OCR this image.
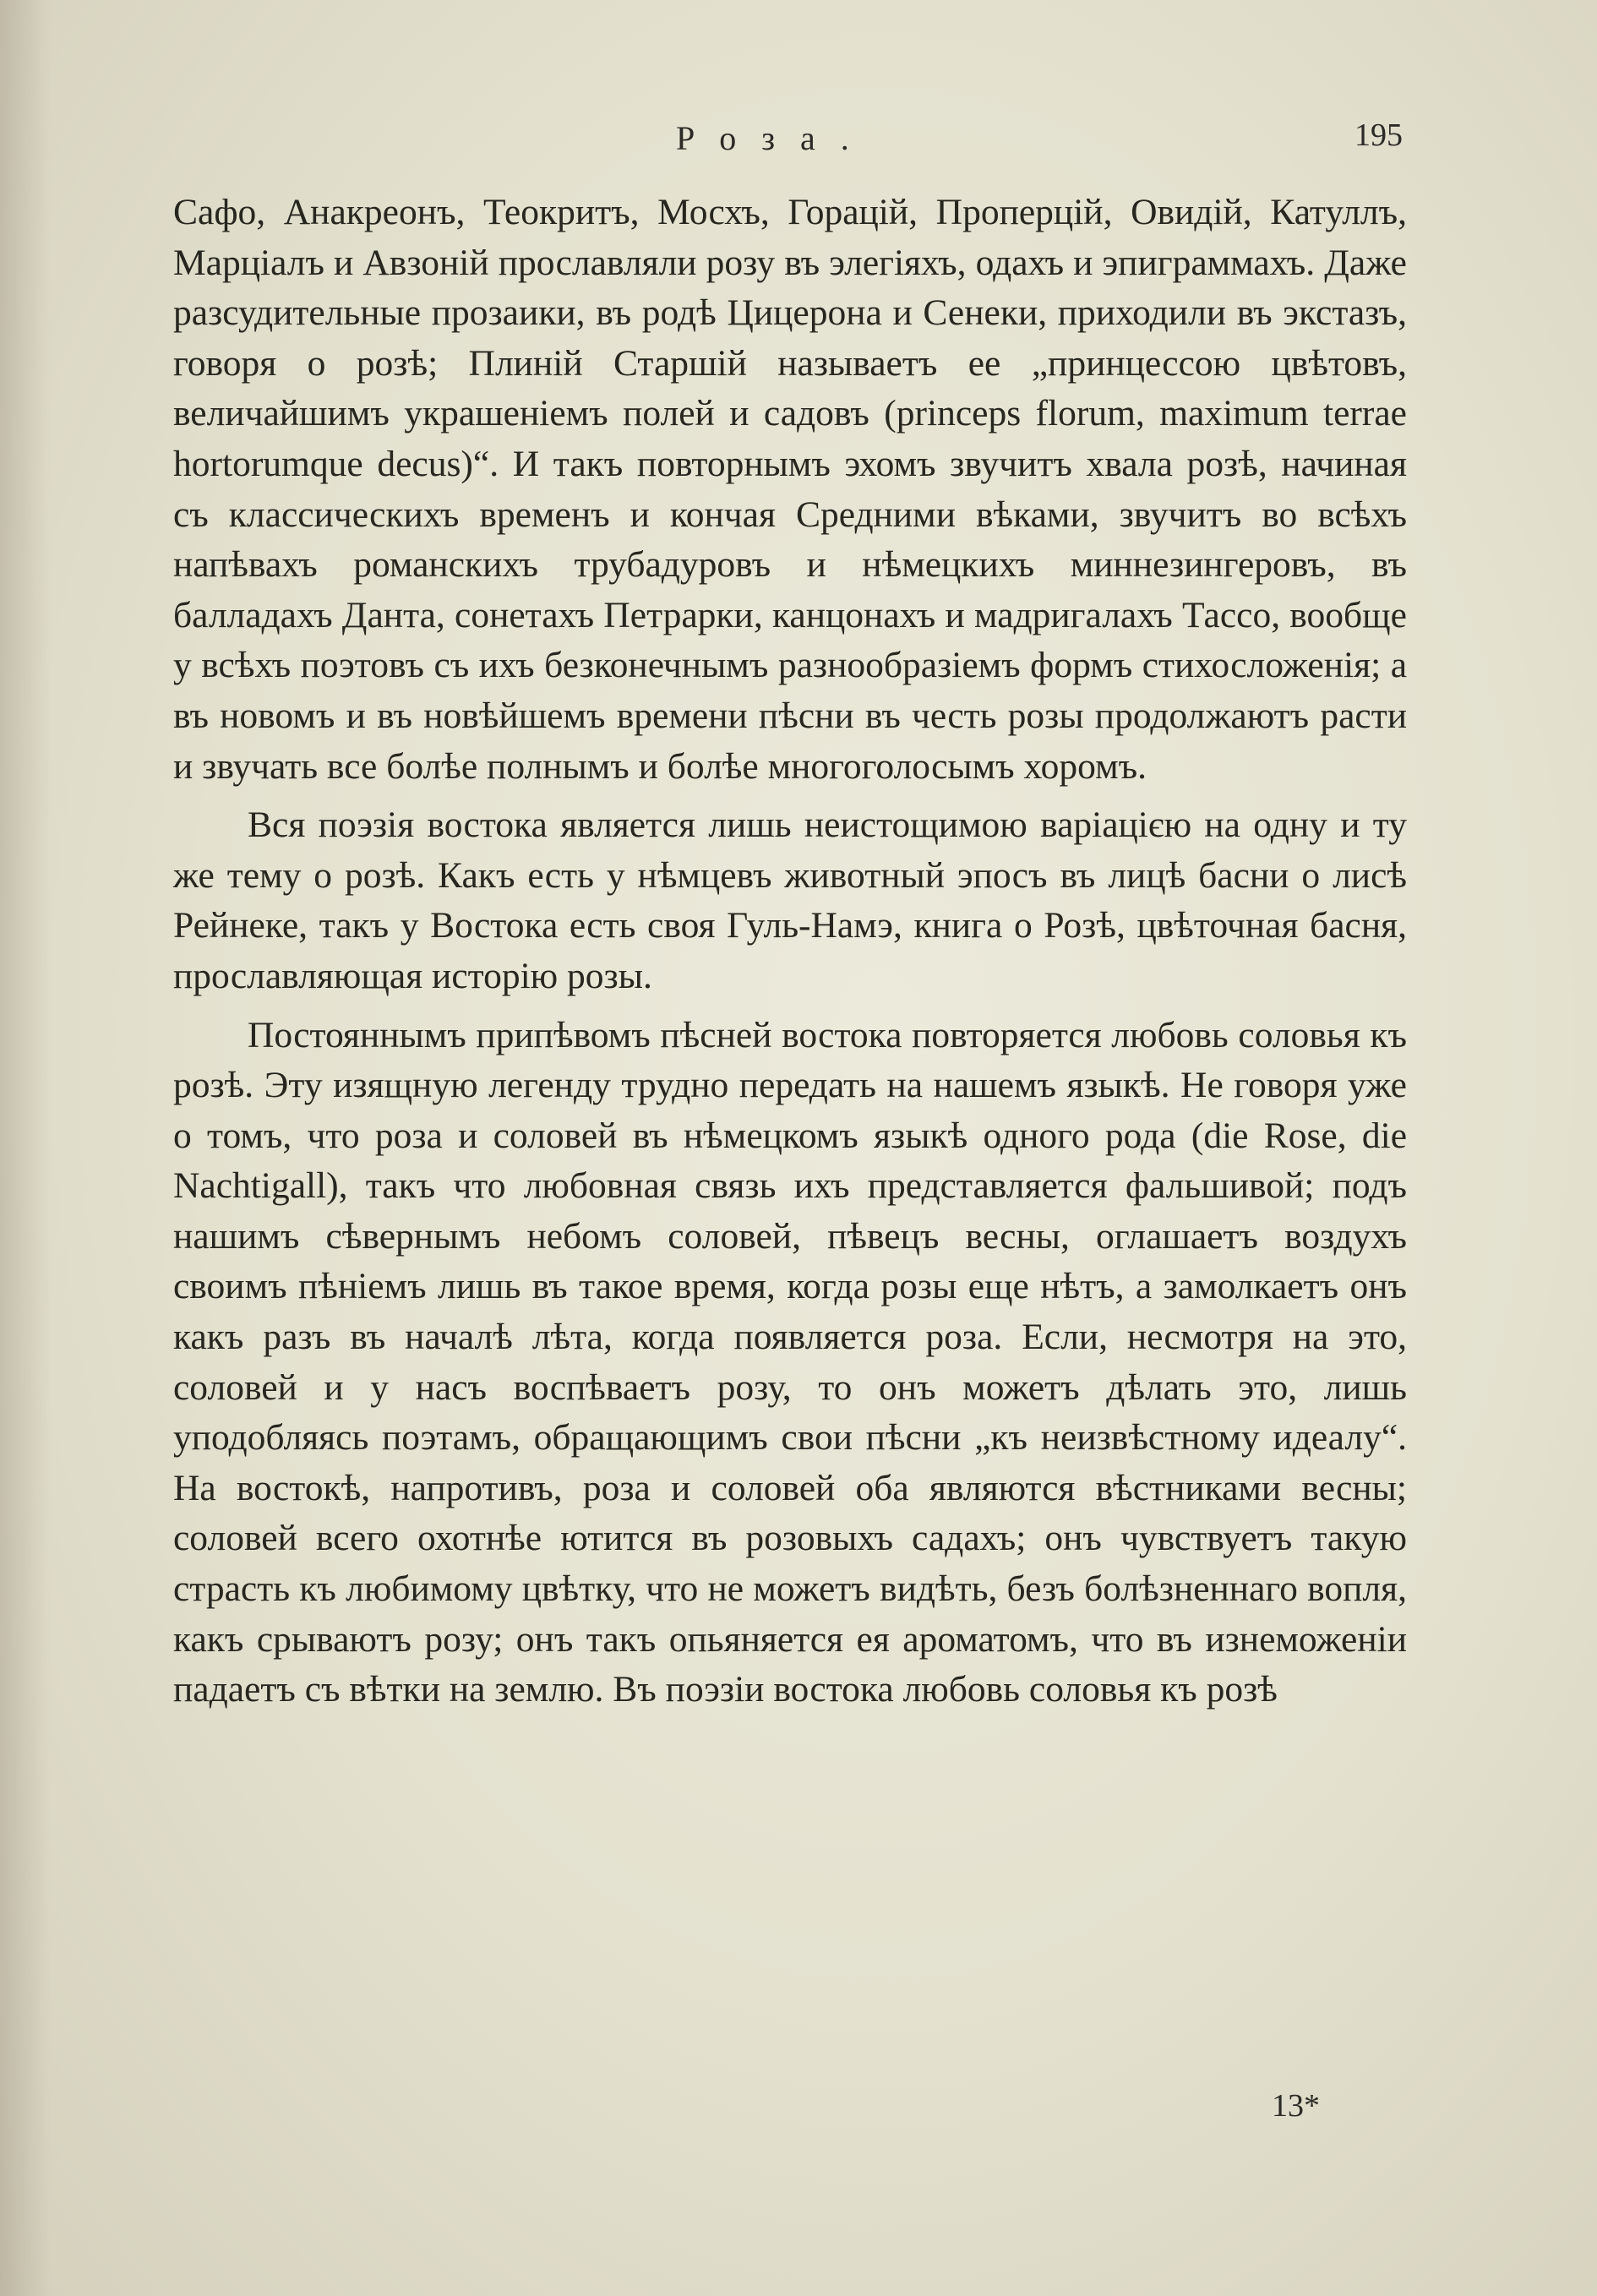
Роза.	195

Сафо, Анакреонъ, Теокритъ, Мосхъ, Горацій, Проперцій, Овидій, Катуллъ, Марціалъ и Авзоній прославляли розу въ элегіяхъ, одахъ и эпиграммахъ. Даже разсудительные прозаики, въ родѣ Цицерона и Сенеки, приходили въ экстазъ, говоря о розѣ; Плиній Старшій называетъ ее „принцессою цвѣтовъ, величайшимъ украшеніемъ полей и садовъ (princeps florum, maximum terrae hortorumque decus)“. И такъ повторнымъ эхомъ звучитъ хвала розѣ, начиная съ классическихъ временъ и кончая Средними вѣками, звучитъ во всѣхъ напѣвахъ романскихъ трубадуровъ и нѣмецкихъ миннезингеровъ, въ балладахъ Данта, сонетахъ Петрарки, канцонахъ и мадригалахъ Тассо, вообще у всѣхъ поэтовъ съ ихъ безконечнымъ разнообразіемъ формъ стихосложенія; а въ новомъ и въ новѣйшемъ времени пѣсни въ честь розы продолжаютъ расти и звучать все болѣе полнымъ и болѣе многоголосымъ хоромъ.

Вся поэзія востока является лишь неистощимою варіацією на одну и ту же тему о розѣ. Какъ есть у нѣмцевъ животный эпосъ въ лицѣ басни о лисѣ Рейнеке, такъ у Востока есть своя Гуль-Намэ, книга о Розѣ, цвѣточная басня, прославляющая исторію розы.

Постояннымъ припѣвомъ пѣсней востока повторяется любовь соловья къ розѣ. Эту изящную легенду трудно передать на нашемъ языкѣ. Не говоря уже о томъ, что роза и соловей въ нѣмецкомъ языкѣ одного рода (die Rose, die Nachtigall), такъ что любовная связь ихъ представляется фальшивой; подъ нашимъ сѣвернымъ небомъ соловей, пѣвецъ весны, оглашаетъ воздухъ своимъ пѣніемъ лишь въ такое время, когда розы еще нѣтъ, а замолкаетъ онъ какъ разъ въ началѣ лѣта, когда появляется роза. Если, несмотря на это, соловей и у насъ воспѣваетъ розу, то онъ можетъ дѣлать это, лишь уподобляясь поэтамъ, обращающимъ свои пѣсни „къ неизвѣстному идеалу“. На востокѣ, напротивъ, роза и соловей оба являются вѣстниками весны; соловей всего охотнѣе ютится въ розовыхъ садахъ; онъ чувствуетъ такую страсть къ любимому цвѣтку, что не можетъ видѣть, безъ болѣзненнаго вопля, какъ срываютъ розу; онъ такъ опьяняется ея ароматомъ, что въ изнеможеніи падаетъ съ вѣтки на землю. Въ поэзіи востока любовь соловья къ розѣ

13*
